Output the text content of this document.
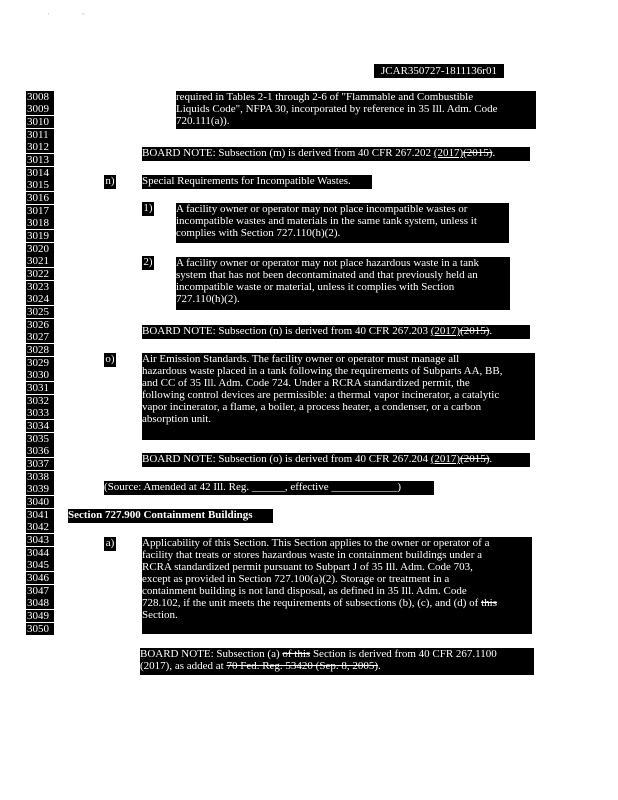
'	"
JCAR350727-1811136r01
3008
3009
3010
3011
3012
3013
3014
3015
3016
3017
3018
3019
3020
3021
3022
3023
3024
3025
3026
3027
3028
3029
3030
3031
3032
3033
3034
3035
3036
3037
3038
3039
3040
3041
3042
3043
3044
3045
3046
3047
3048
3049
3050
required in Tables 2-1 through 2-6 of "Flammable and Combustible
Liquids Code", NFPA 30, incorporated by reference in 35 Ill. Adm. Code
720.111(a)).
BOARD NOTE: Subsection (m) is derived from 40 CFR 267.202 (2017)(2015).
n) Special Requirements for Incompatible Wastes.
1) A facility owner or operator may not place incompatible wastes or
incompatible wastes and materials in the same tank system, unless it
complies with Section 727.110(h)(2).
2) A facility owner or operator may not place hazardous waste in a tank
system that has not been decontaminated and that previously held an
incompatible waste or material, unless it complies with Section
727.110(h)(2).
BOARD NOTE: Subsection (n) is derived from 40 CFR 267.203 (2017)(2015).
o) Air Emission Standards. The facility owner or operator must manage all
hazardous waste placed in a tank following the requirements of Subparts AA, BB,
and CC of 35 Ill. Adm. Code 724. Under a RCRA standardized permit, the
following control devices are permissible: a thermal vapor incinerator, a catalytic
vapor incinerator, a flame, a boiler, a process heater, a condenser, or a carbon
absorption unit.
BOARD NOTE: Subsection (o) is derived from 40 CFR 267.204 (2017)(2015).
(Source: Amended at 42 Ill. Reg. ______, effective ____________)
Section 727.900 Containment Buildings
a)	Applicability of this Section. This Section applies to the owner or operator of a
facility that treats or stores hazardous waste in containment buildings under a
RCRA standardized permit pursuant to Subpart J of 35 Ill. Adm. Code 703,
except as provided in Section 727.100(a)(2). Storage or treatment in a
containment building is not land disposal, as defined in 35 Ill. Adm. Code
728.102, if the unit meets the requirements of subsections (b), (c), and (d) of this
Section.
BOARD NOTE: Subsection (a) of this Section is derived from 40 CFR 267.1100
(2017), as added at 70 Fed. Reg. 53420 (Sep. 8, 2005).
